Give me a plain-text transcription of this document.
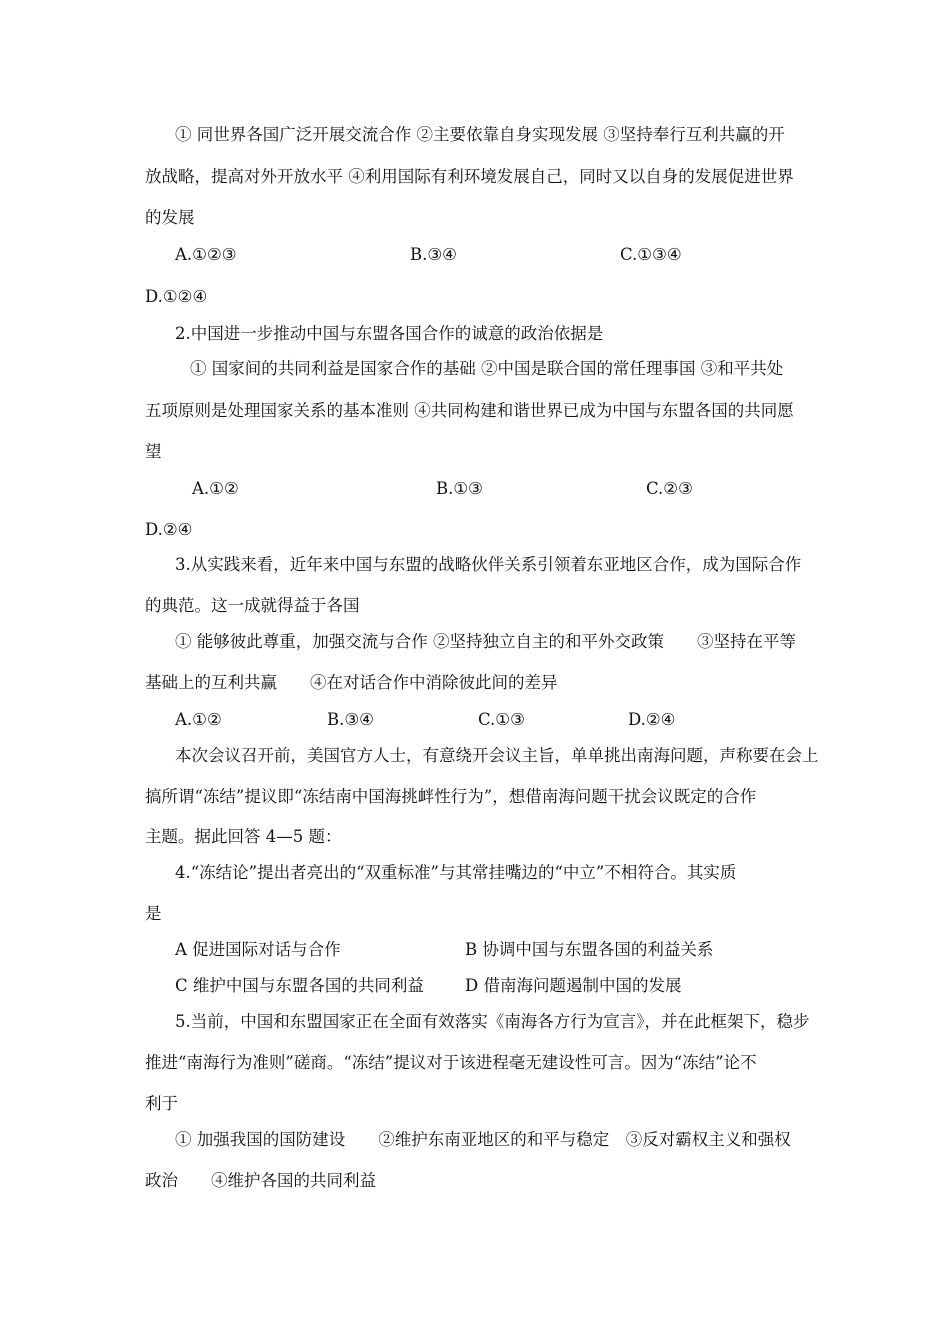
① 同世界各国广泛开展交流合作 ②主要依靠自身实现发展 ③坚持奉行互利共赢的开
放战略，提高对外开放水平 ④利用国际有利环境发展自己，同时又以自身的发展促进世界
的发展
A.①②③	B.③④	C.①③④
D.①②④
2.中国进一步推动中国与东盟各国合作的诚意的政治依据是
① 国家间的共同利益是国家合作的基础 ②中国是联合国的常任理事国 ③和平共处
五项原则是处理国家关系的基本准则 ④共同构建和谐世界已成为中国与东盟各国的共同愿
望
A.①②	B.①③	C.②③
D.②④
3.从实践来看，近年来中国与东盟的战略伙伴关系引领着东亚地区合作，成为国际合作
的典范。这一成就得益于各国
① 能够彼此尊重，加强交流与合作 ②坚持独立自主的和平外交政策　　③坚持在平等
基础上的互利共赢　　④在对话合作中消除彼此间的差异
A.①②	B.③④	C.①③	D.②④
本次会议召开前，美国官方人士，有意绕开会议主旨，单单挑出南海问题，声称要在会上
搞所谓“冻结”提议即“冻结南中国海挑衅性行为”，想借南海问题干扰会议既定的合作
主题。据此回答 4—5 题：
4.“冻结论”提出者亮出的“双重标准”与其常挂嘴边的“中立”不相符合。其实质
是
A 促进国际对话与合作	B 协调中国与东盟各国的利益关系
C 维护中国与东盟各国的共同利益 D 借南海问题遏制中国的发展
5.当前，中国和东盟国家正在全面有效落实《南海各方行为宣言》，并在此框架下，稳步
推进“南海行为准则”磋商。“冻结”提议对于该进程毫无建设性可言。因为“冻结”论不
利于
① 加强我国的国防建设　　②维护东南亚地区的和平与稳定　③反对霸权主义和强权
政治　　④维护各国的共同利益
